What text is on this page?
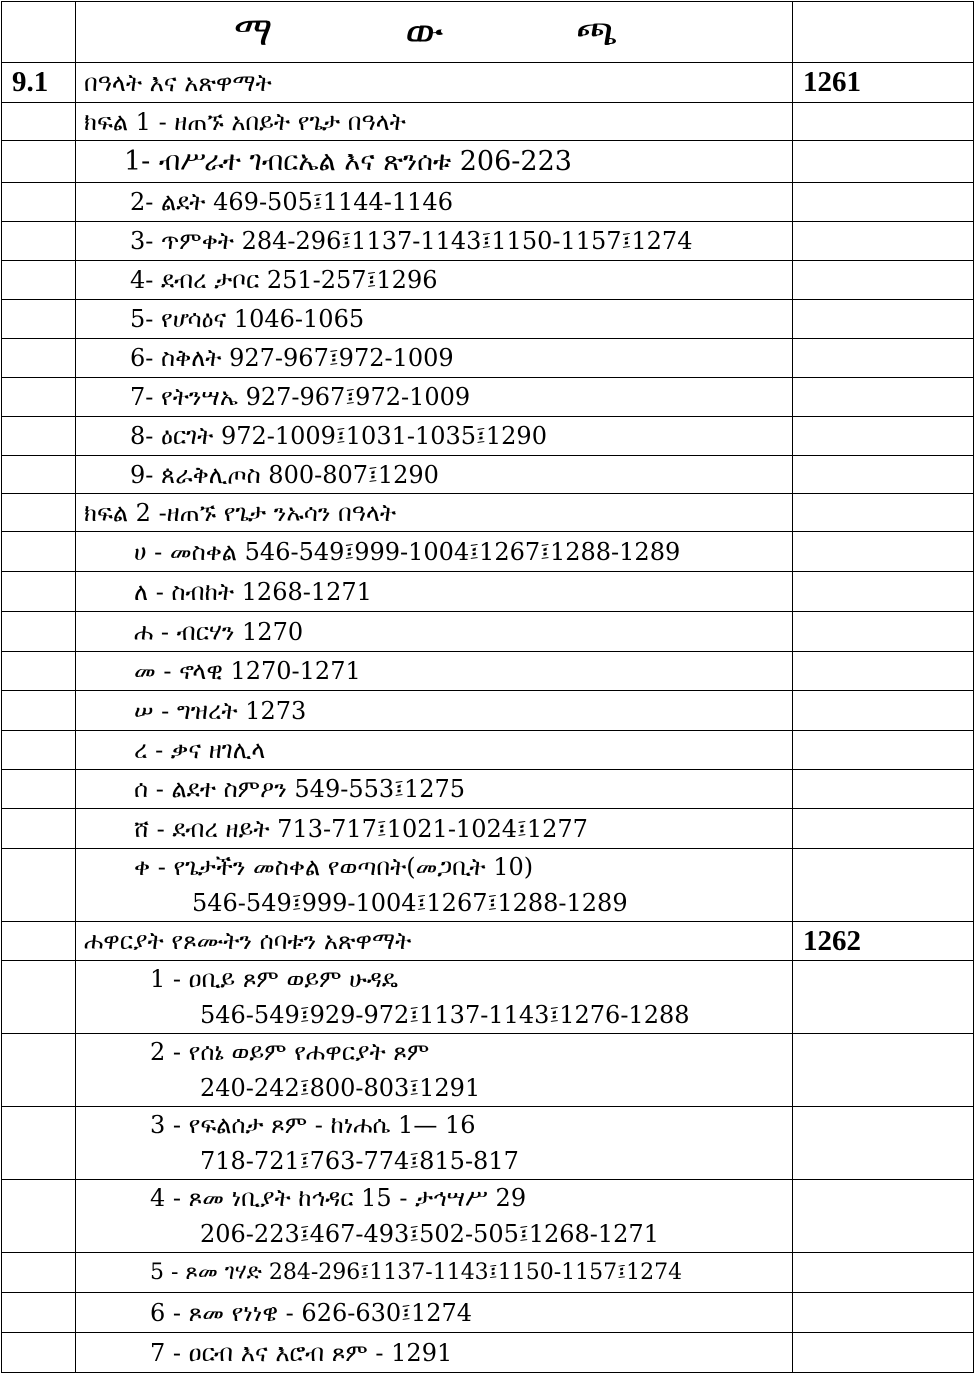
	ማ ው ጫ	
9.1	በዓላት እና አጽዋማት	1261
	ክፍል 1 - ዘጠኙ አበይት የጌታ በዓላት	
	1- ብሥራተ ገብርኤል እና ጽንሰቱ 206-223	
	2- ልደት 469-505፤1144-1146	
	3- ጥምቀት 284-296፤1137-1143፤1150-1157፤1274	
	4- ደብረ ታቦር 251-257፤1296	
	5- የሆሳዕና 1046-1065	
	6- ስቅለት 927-967፤972-1009	
	7- የትንሣኤ 927-967፤972-1009	
	8- ዕርገት 972-1009፤1031-1035፤1290	
	9- ጰራቅሊጦስ 800-807፤1290	
	ክፍል 2 -ዘጠኙ የጌታ ንኡሳን በዓላት	
	ሀ - መስቀል 546-549፤999-1004፤1267፤1288-1289	
	ለ - ስብከት 1268-1271	
	ሐ - ብርሃን 1270	
	መ - ኖላዊ 1270-1271	
	ሠ - ግዝረት 1273	
	ረ - ቃና ዘገሊላ	
	ሰ - ልደተ ስምዖን 549-553፤1275	
	ሸ - ደብረ ዘይት 713-717፤1021-1024፤1277	

	ቀ - የጌታችን መስቀል የወጣበት(መጋቢት 10)
546-549፤999-1004፤1267፤1288-1289	

	ሐዋርያት የጾሙትን ሰባቱን አጽዋማት	1262

	1 - ዐቢይ ጾም ወይም ሁዳዴ
546-549፤929-972፤1137-1143፤1276-1288	

	2 - የሰኔ ወይም የሐዋርያት ጾም
240-242፤800-803፤1291	

	3 - የፍልሰታ ጾም - ከነሐሴ 1— 16
718-721፤763-774፤815-817	

	4 - ጾመ ነቢያት ከኅዳር 15 - ታኅሣሥ 29
206-223፤467-493፤502-505፤1268-1271	

	5 - ጾመ ገሃድ 284-296፤1137-1143፤1150-1157፤1274	
	6 - ጾመ የነነዌ - 626-630፤1274	
	7 - ዐርብ እና እሮብ ጾም - 1291	
